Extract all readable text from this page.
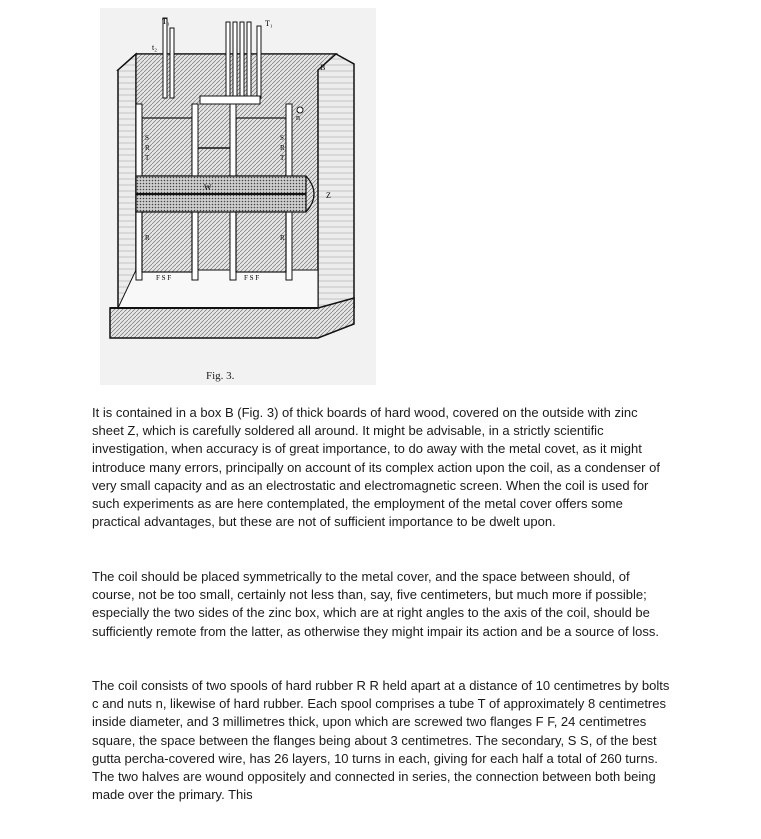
T₁	T₁
t₂
B
n
Z
W
S
R
T
S
R
T
R	R
F S F	F S F
Fig. 3.

It is contained in a box B (Fig. 3) of thick boards of hard wood, covered on the outside with zinc sheet Z, which is carefully soldered all around. It might be advisable, in a strictly scientific investigation, when accuracy is of great importance, to do away with the metal covet, as it might introduce many errors, principally on account of its complex action upon the coil, as a condenser of very small capacity and as an electrostatic and electromagnetic screen. When the coil is used for such experiments as are here contemplated, the employment of the metal cover offers some practical advantages, but these are not of sufficient importance to be dwelt upon.

The coil should be placed symmetrically to the metal cover, and the space between should, of course, not be too small, certainly not less than, say, five centimeters, but much more if possible; especially the two sides of the zinc box, which are at right angles to the axis of the coil, should be sufficiently remote from the latter, as otherwise they might impair its action and be a source of loss.

The coil consists of two spools of hard rubber R R held apart at a distance of 10 centimetres by bolts c and nuts n, likewise of hard rubber. Each spool comprises a tube T of approximately 8 centimetres inside diameter, and 3 millimetres thick, upon which are screwed two flanges F F, 24 centimetres square, the space between the flanges being about 3 centimetres. The secondary, S S, of the best gutta percha-covered wire, has 26 layers, 10 turns in each, giving for each half a total of 260 turns. The two halves are wound oppositely and connected in series, the connection between both being made over the primary. This
